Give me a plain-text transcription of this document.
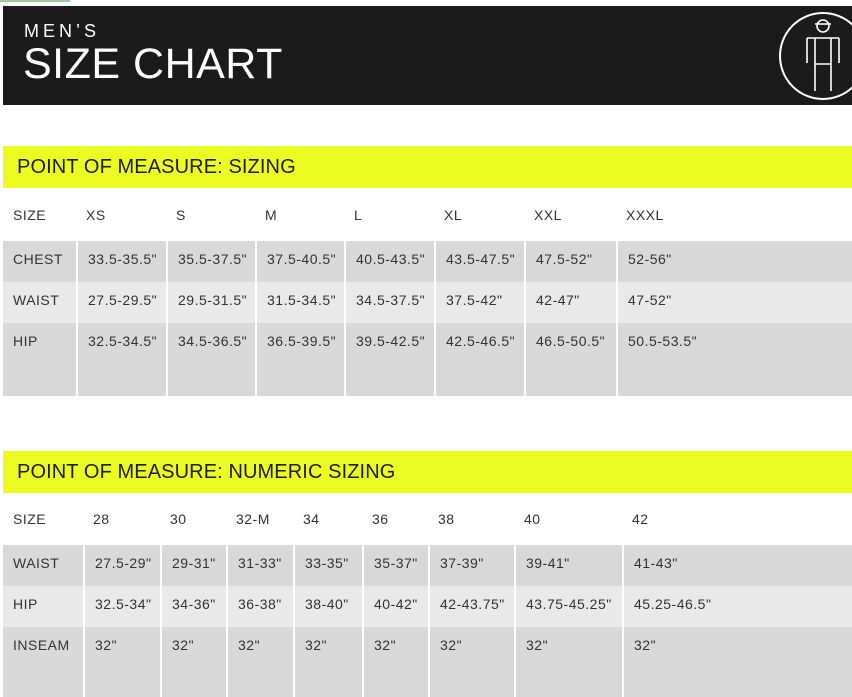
MEN’S
SIZE CHART
POINT OF MEASURE: SIZING
SIZE	XS	S	M	L	XL	XXL	XXXL

CHEST	33.5-35.5"	35.5-37.5"	37.5-40.5"	40.5-43.5"	43.5-47.5"	47.5-52"	52-56"
WAIST	27.5-29.5"	29.5-31.5"	31.5-34.5"	34.5-37.5"	37.5-42"	42-47"	47-52"
HIP	32.5-34.5"	34.5-36.5"	36.5-39.5"	39.5-42.5"	42.5-46.5"	46.5-50.5"	50.5-53.5"
POINT OF MEASURE: NUMERIC SIZING
SIZE	28	30	32-M	34	36	38	40	42

WAIST	27.5-29"	29-31"	31-33"	33-35"	35-37"	37-39"	39-41"	41-43"
HIP	32.5-34"	34-36"	36-38"	38-40"	40-42"	42-43.75"	43.75-45.25"	45.25-46.5"
INSEAM	32"	32"	32"	32"	32"	32"	32"	32"
